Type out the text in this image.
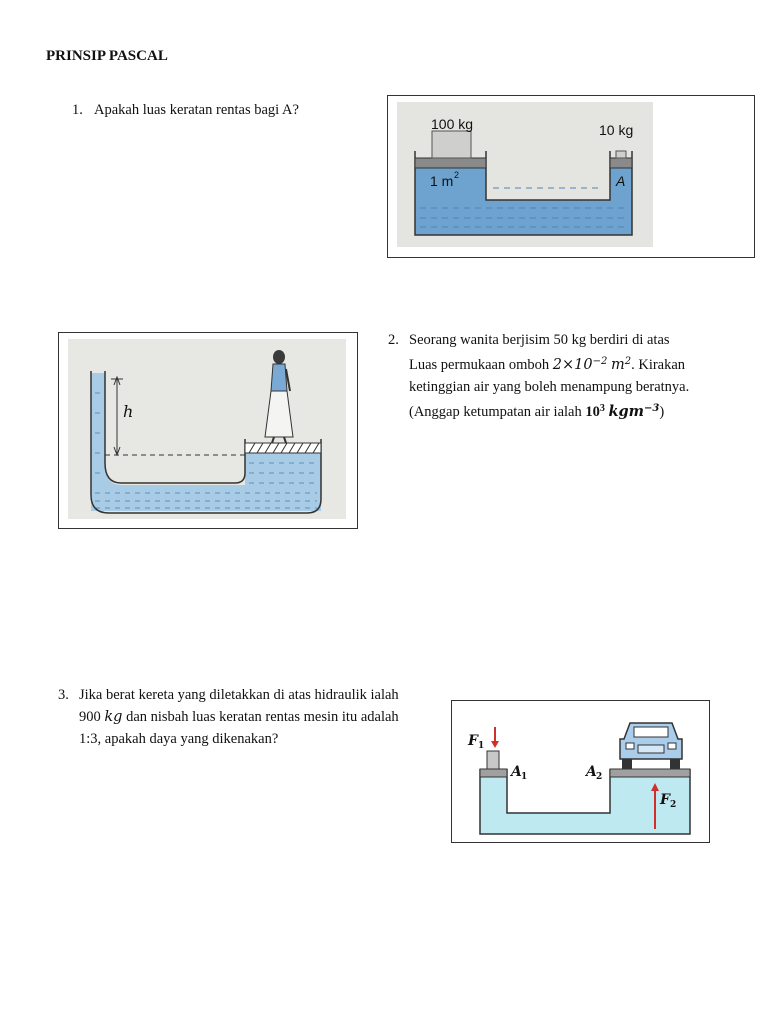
PRINSIP PASCAL
1. Apakah luas keratan rentas bagi A?
100 kg	10 kg
1 m 2	A
2. Seorang wanita berjisim 50 kg berdiri di atas
Luas permukaan omboh $2\times 10^{-2}$ $m^2$. Kirakan
ketinggian air yang boleh menampung beratnya.
(Anggap ketumpatan air ialah $10^3$ kgm$^{-3}$)
h
3. Jika berat kereta yang diletakkan di atas hidraulik ialah
900 kg dan nisbah luas keratan rentas mesin itu adalah
1:3, apakah daya yang dikenakan?	F 1
A 1	A 2
F 2
